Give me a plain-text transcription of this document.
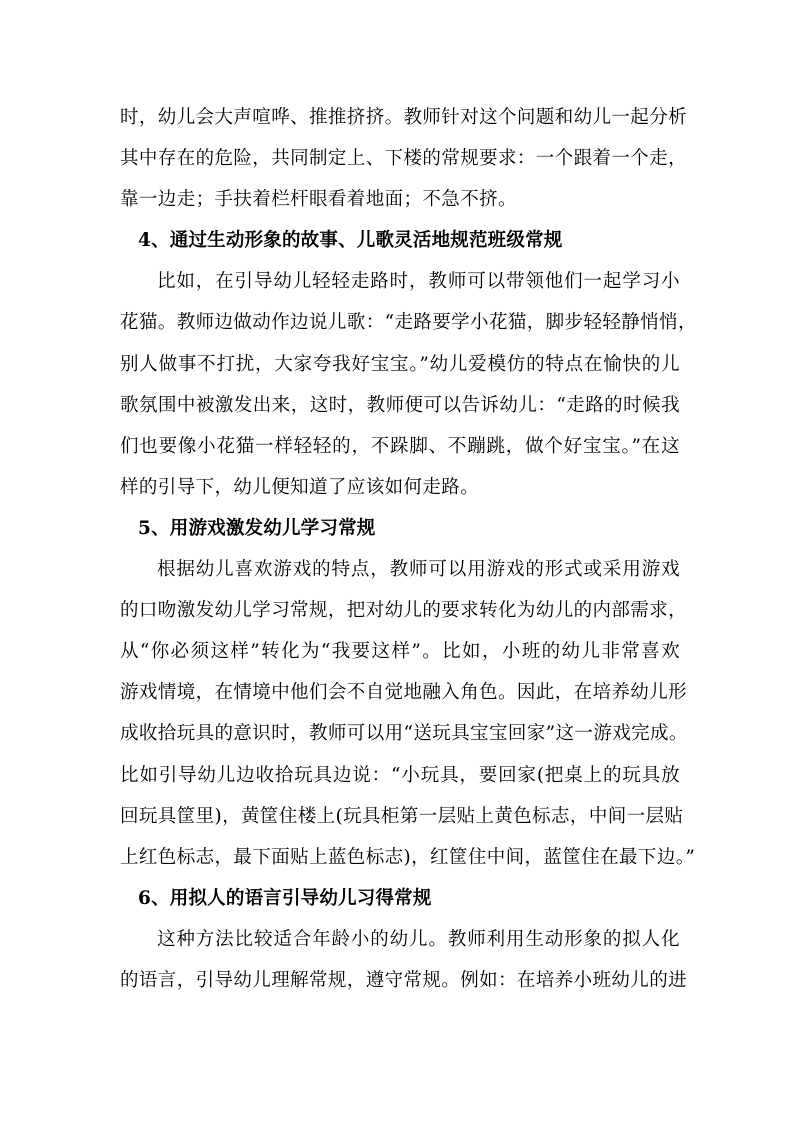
时，幼儿会大声喧哗、推推挤挤。教师针对这个问题和幼儿一起分析
其中存在的危险，共同制定上、下楼的常规要求：一个跟着一个走，
靠一边走；手扶着栏杆眼看着地面；不急不挤。
4、通过生动形象的故事、儿歌灵活地规范班级常规
比如，在引导幼儿轻轻走路时，教师可以带领他们一起学习小
花猫。教师边做动作边说儿歌：“走路要学小花猫，脚步轻轻静悄悄，
别人做事不打扰，大家夸我好宝宝。”幼儿爱模仿的特点在愉快的儿
歌氛围中被激发出来，这时，教师便可以告诉幼儿：“走路的时候我
们也要像小花猫一样轻轻的，不跺脚、不蹦跳，做个好宝宝。”在这
样的引导下，幼儿便知道了应该如何走路。
5、用游戏激发幼儿学习常规
根据幼儿喜欢游戏的特点，教师可以用游戏的形式或采用游戏
的口吻激发幼儿学习常规，把对幼儿的要求转化为幼儿的内部需求，
从“你必须这样”转化为“我要这样”。比如，小班的幼儿非常喜欢
游戏情境，在情境中他们会不自觉地融入角色。因此，在培养幼儿形
成收拾玩具的意识时，教师可以用“送玩具宝宝回家”这一游戏完成。
比如引导幼儿边收拾玩具边说：“小玩具，要回家(把桌上的玩具放
回玩具筐里)，黄筐住楼上(玩具柜第一层贴上黄色标志，中间一层贴
上红色标志，最下面贴上蓝色标志)，红筐住中间，蓝筐住在最下边。”
6、用拟人的语言引导幼儿习得常规
这种方法比较适合年龄小的幼儿。教师利用生动形象的拟人化
的语言，引导幼儿理解常规，遵守常规。例如：在培养小班幼儿的进
